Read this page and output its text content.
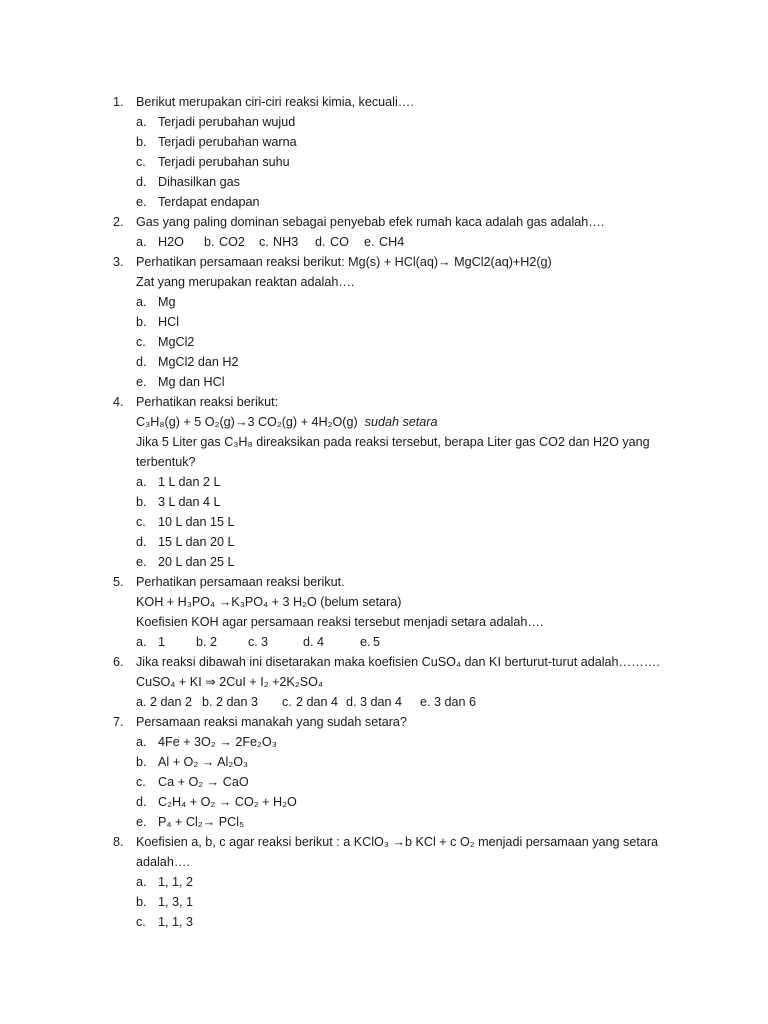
1. Berikut merupakan ciri-ciri reaksi kimia, kecuali….
a. Terjadi perubahan wujud
b. Terjadi perubahan warna
c. Terjadi perubahan suhu
d. Dihasilkan gas
e. Terdapat endapan
2. Gas yang paling dominan sebagai penyebab efek rumah kaca adalah gas adalah….
a. H2O b. CO2 c. NH3 d. CO e. CH4
3. Perhatikan persamaan reaksi berikut: Mg(s) + HCl(aq)→ MgCl2(aq)+H2(g)
Zat yang merupakan reaktan adalah….
a. Mg
b. HCl
c. MgCl2
d. MgCl2 dan H2
e. Mg dan HCl
4. Perhatikan reaksi berikut:
C₃H₈(g) + 5 O₂(g)→3 CO₂(g) + 4H₂O(g) sudah setara
Jika 5 Liter gas C₃H₈ direaksikan pada reaksi tersebut, berapa Liter gas CO2 dan H2O yang
terbentuk?
a. 1 L dan 2 L
b. 3 L dan 4 L
c. 10 L dan 15 L
d. 15 L dan 20 L
e. 20 L dan 25 L
5. Perhatikan persamaan reaksi berikut.
KOH + H₃PO₄ →K₃PO₄ + 3 H₂O (belum setara)
Koefisien KOH agar persamaan reaksi tersebut menjadi setara adalah….
a. 1 b. 2 c. 3	d. 4	e. 5
6. Jika reaksi dibawah ini disetarakan maka koefisien CuSO₄ dan KI berturut-turut adalah……….
CuSO₄ + KI ⇒ 2CuI + I₂ +2K₂SO₄
a. 2 dan 2 b. 2 dan 3 c. 2 dan 4 d. 3 dan 4 e. 3 dan 6
7. Persamaan reaksi manakah yang sudah setara?
a. 4Fe + 3O₂ → 2Fe₂O₃
b. Al + O₂ → Al₂O₃
c. Ca + O₂ → CaO
d. C₂H₄ + O₂ → CO₂ + H₂O
e. P₄ + Cl₂→ PCl₅
8. Koefisien a, b, c agar reaksi berikut : a KClO₃ →b KCl + c O₂ menjadi persamaan yang setara
adalah….
a. 1, 1, 2
b. 1, 3, 1
c. 1, 1, 3
